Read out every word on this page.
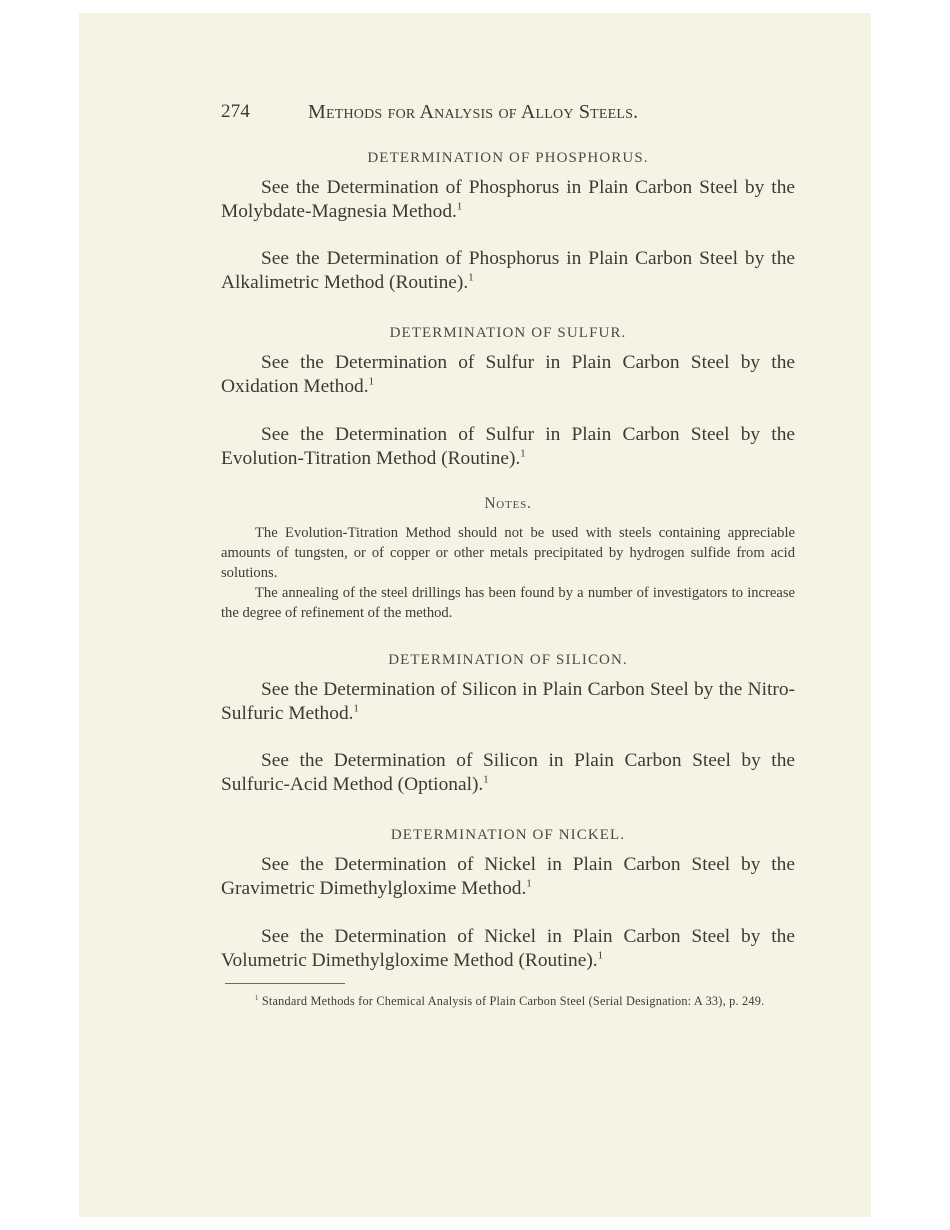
274	Methods for Analysis of Alloy Steels.
DETERMINATION OF PHOSPHORUS.

See the Determination of Phosphorus in Plain Carbon Steel by the Molybdate-Magnesia Method.$^1$

See the Determination of Phosphorus in Plain Carbon Steel by the Alkalimetric Method (Routine).$^1$

DETERMINATION OF SULFUR.

See the Determination of Sulfur in Plain Carbon Steel by the Oxidation Method.$^1$

See the Determination of Sulfur in Plain Carbon Steel by the Evolution-Titration Method (Routine).$^1$

Notes.

The Evolution-Titration Method should not be used with steels containing appreciable amounts of tungsten, or of copper or other metals precipitated by hydrogen sulfide from acid solutions.

The annealing of the steel drillings has been found by a number of investigators to increase the degree of refinement of the method.

DETERMINATION OF SILICON.

See the Determination of Silicon in Plain Carbon Steel by the Nitro-Sulfuric Method.$^1$

See the Determination of Silicon in Plain Carbon Steel by the Sulfuric-Acid Method (Optional).$^1$

DETERMINATION OF NICKEL.

See the Determination of Nickel in Plain Carbon Steel by the Gravimetric Dimethylgloxime Method.$^1$

See the Determination of Nickel in Plain Carbon Steel by the Volumetric Dimethylgloxime Method (Routine).$^1$

$^1$ Standard Methods for Chemical Analysis of Plain Carbon Steel (Serial Designation: A 33), p. 249.
